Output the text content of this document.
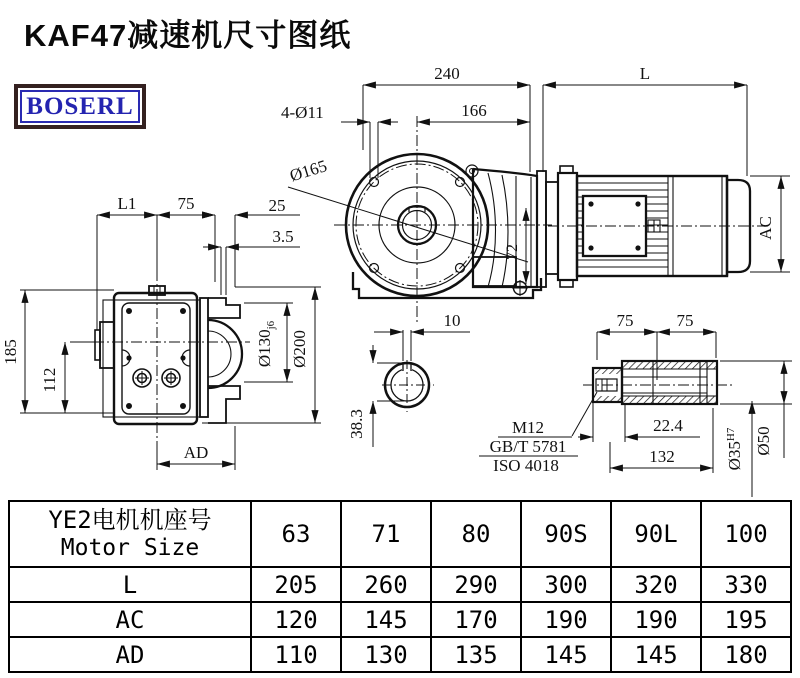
KAF47减速机尺寸图纸
BOSERL
240	L
4-Ø11	166
Ø165
72
AC
L1 75	25
3.5
185
112
$Ø130_{j6}$
Ø200
AD
10
38.3	M12
GB/T 5781
ISO 4018
75	75
22.4
132	$Ø35^{H7}$	Ø50
YE2电机机座号
Motor Size	63	71	80	90S	90L	100
L	205	260	290	300	320	330
AC	120	145	170	190	190	195
AD	110	130	135	145	145	180
